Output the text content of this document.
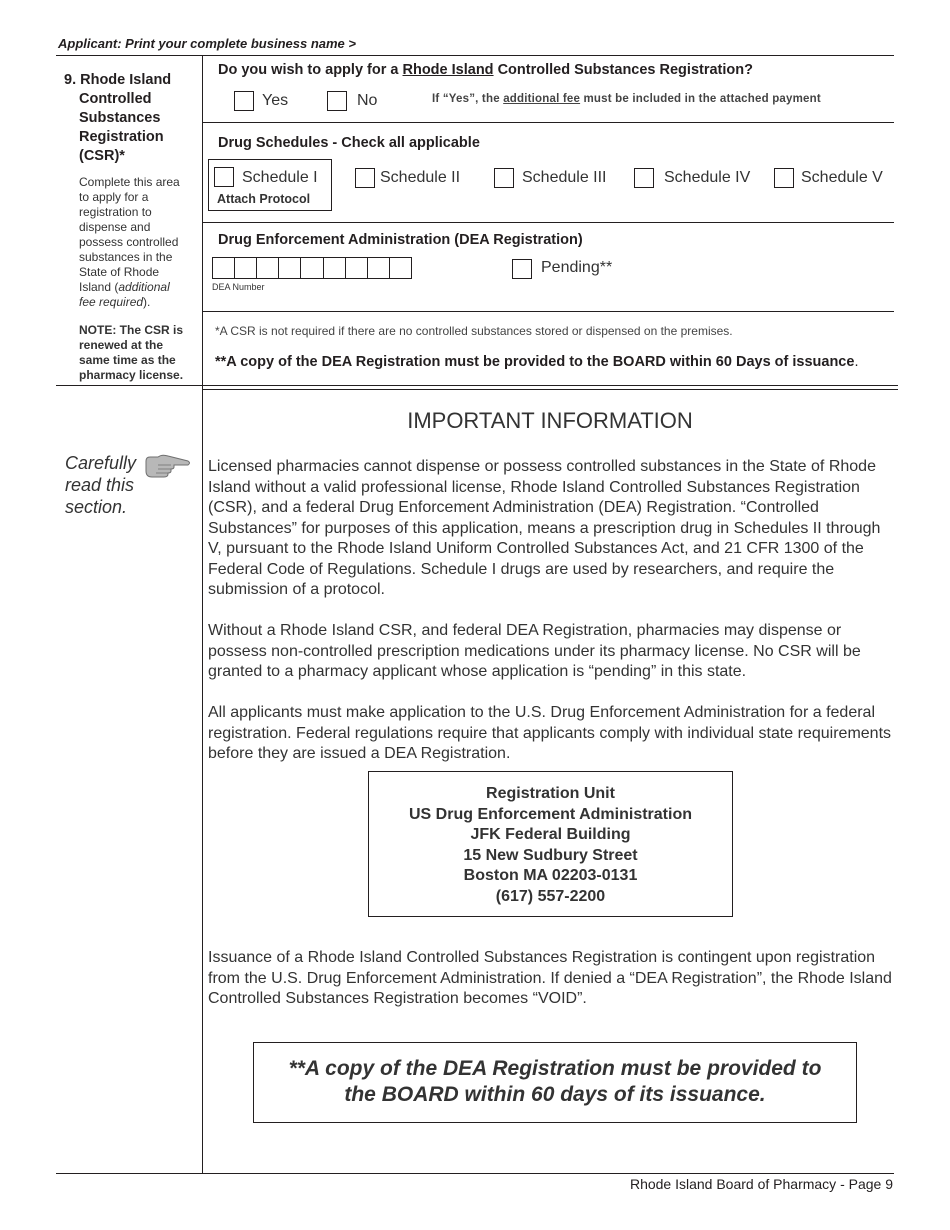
Applicant: Print your complete business name >
9. Rhode Island
Controlled
Substances
Registration
(CSR)*
Complete this area
to apply for a
registration to
dispense and
possess controlled
substances in the
State of Rhode
Island (additional
fee required).
NOTE: The CSR is
renewed at the
same time as the
pharmacy license.
Do you wish to apply for a Rhode Island Controlled Substances Registration?
Yes	No	If “Yes”, the additional fee must be included in the attached payment
Drug Schedules - Check all applicable
Schedule I
Attach Protocol
Schedule II	Schedule III	Schedule IV	Schedule V
Drug Enforcement Administration (DEA Registration)
DEA Number
Pending**
*A CSR is not required if there are no controlled substances stored or dispensed on the premises.
**A copy of the DEA Registration must be provided to the BOARD within 60 Days of issuance.
IMPORTANT INFORMATION
Carefully
read this
section.
Licensed pharmacies cannot dispense or possess controlled substances in the State of Rhode Island without a valid professional license, Rhode Island Controlled Substances Registration (CSR), and a federal Drug Enforcement Administration (DEA) Registration. “Controlled Substances” for purposes of this application, means a prescription drug in Schedules II through V, pursuant to the Rhode Island Uniform Controlled Substances Act, and 21 CFR 1300 of the Federal Code of Regulations. Schedule I drugs are used by researchers, and require the submission of a protocol.
Without a Rhode Island CSR, and federal DEA Registration, pharmacies may dispense or possess non-controlled prescription medications under its pharmacy license. No CSR will be granted to a pharmacy applicant whose application is “pending” in this state.
All applicants must make application to the U.S. Drug Enforcement Administration for a federal registration. Federal regulations require that applicants comply with individual state requirements before they are issued a DEA Registration.
Registration Unit
US Drug Enforcement Administration
JFK Federal Building
15 New Sudbury Street
Boston MA 02203-0131
(617) 557-2200
Issuance of a Rhode Island Controlled Substances Registration is contingent upon registration from the U.S. Drug Enforcement Administration. If denied a “DEA Registration”, the Rhode Island Controlled Substances Registration becomes “VOID”.
**A copy of the DEA Registration must be provided to
the BOARD within 60 days of its issuance.
Rhode Island Board of Pharmacy - Page 9
